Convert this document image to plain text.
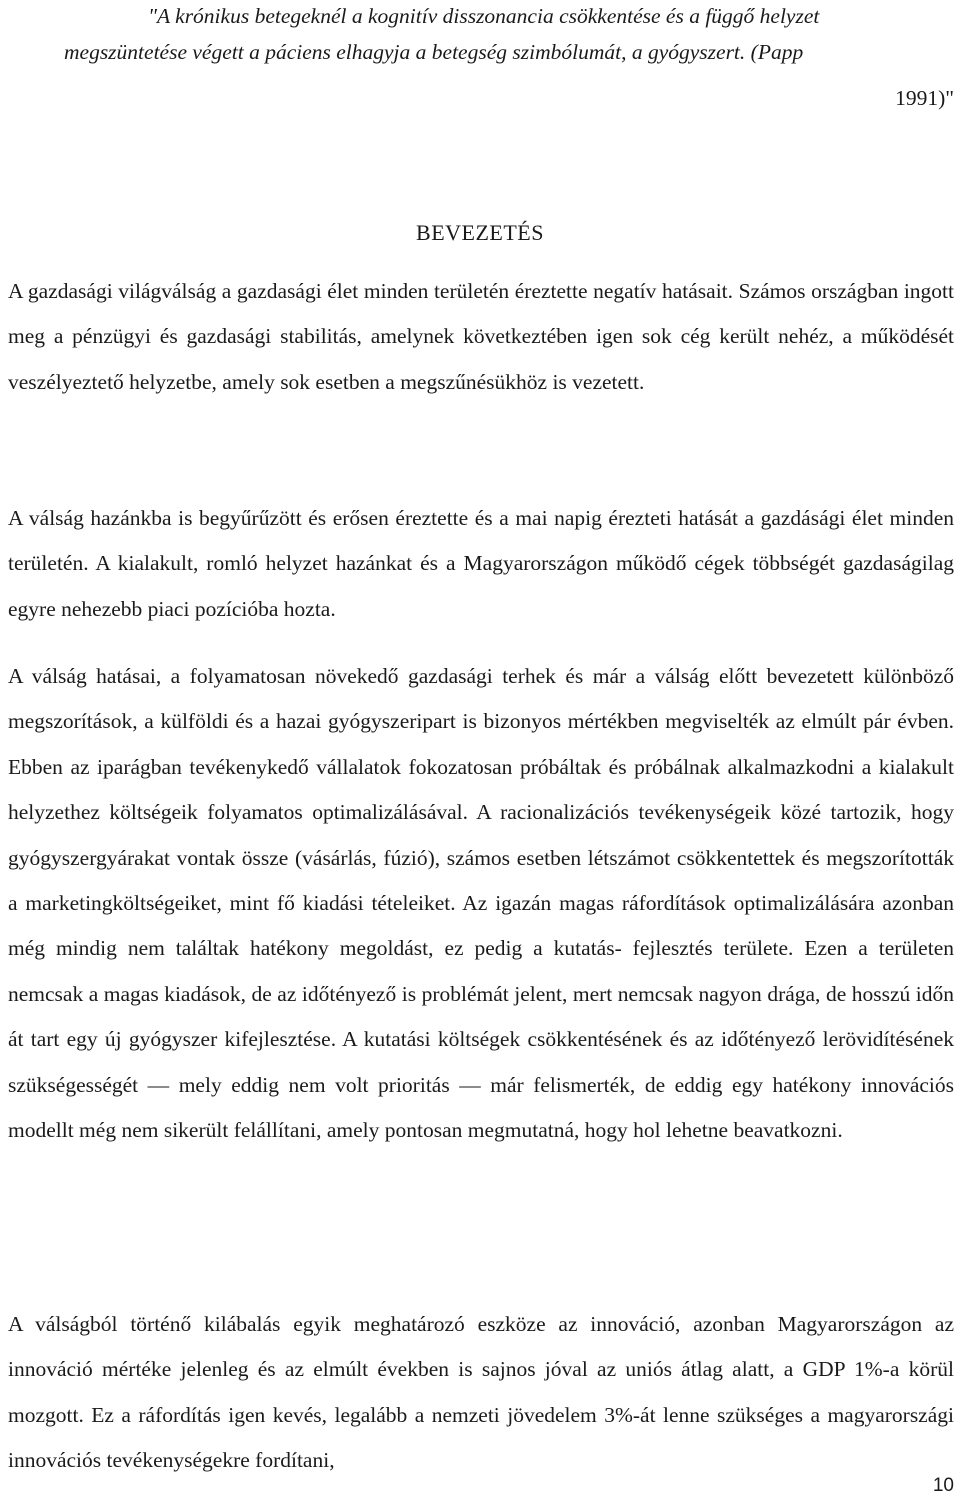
"A krónikus betegeknél a kognitív disszonancia csökkentése és a függő helyzet
megszüntetése végett a páciens elhagyja a betegség szimbólumát, a gyógyszert. (Papp
1991)"
BEVEZETÉS
A gazdasági világválság a gazdasági élet minden területén éreztette negatív hatásait. Számos országban ingott meg a pénzügyi és gazdasági stabilitás, amelynek következtében igen sok cég került nehéz, a működését veszélyeztető helyzetbe, amely sok esetben a megszűnésükhöz is vezetett.
A válság hazánkba is begyűrűzött és erősen éreztette és a mai napig érezteti hatását a gazdásági élet minden területén. A kialakult, romló helyzet hazánkat és a Magyarországon működő cégek többségét gazdaságilag egyre nehezebb piaci pozícióba hozta.
A válság hatásai, a folyamatosan növekedő gazdasági terhek és már a válság előtt bevezetett különböző megszorítások, a külföldi és a hazai gyógyszeripart is bizonyos mértékben megviselték az elmúlt pár évben. Ebben az iparágban tevékenykedő vállalatok fokozatosan próbáltak és próbálnak alkalmazkodni a kialakult helyzethez költségeik folyamatos optimalizálásával. A racionalizációs tevékenységeik közé tartozik, hogy gyógyszergyárakat vontak össze (vásárlás, fúzió), számos esetben létszámot csökkentettek és megszorították a marketingköltségeiket, mint fő kiadási tételeiket. Az igazán magas ráfordítások optimalizálására azonban még mindig nem találtak hatékony megoldást, ez pedig a kutatás- fejlesztés területe. Ezen a területen nemcsak a magas kiadások, de az időtényező is problémát jelent, mert nemcsak nagyon drága, de hosszú időn át tart egy új gyógyszer kifejlesztése. A kutatási költségek csökkentésének és az időtényező lerövidítésének szükségességét — mely eddig nem volt prioritás — már felismerték, de eddig egy hatékony innovációs modellt még nem sikerült felállítani, amely pontosan megmutatná, hogy hol lehetne beavatkozni.
A válságból történő kilábalás egyik meghatározó eszköze az innováció, azonban Magyarországon az innováció mértéke jelenleg és az elmúlt években is sajnos jóval az uniós átlag alatt, a GDP 1%-a körül mozgott. Ez a ráfordítás igen kevés, legalább a nemzeti jövedelem 3%-át lenne szükséges a magyarországi innovációs tevékenységekre fordítani,
10
